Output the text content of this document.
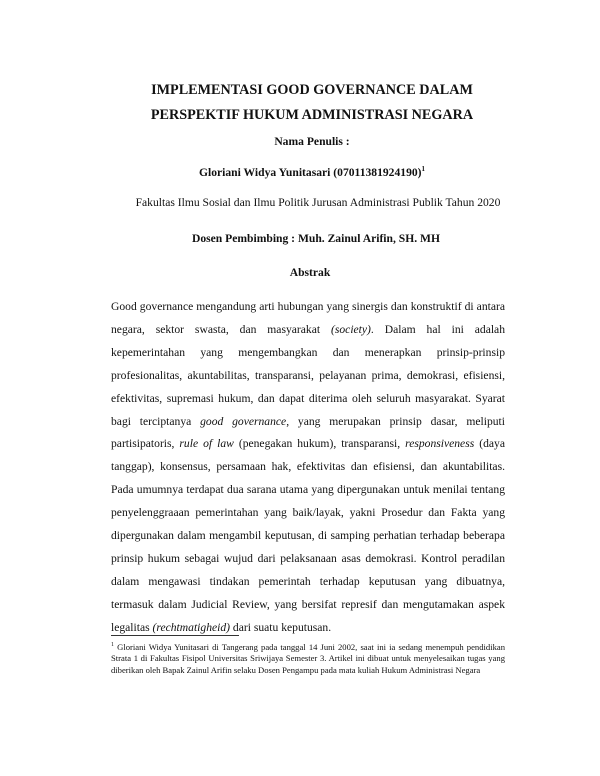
IMPLEMENTASI GOOD GOVERNANCE DALAM
PERSPEKTIF HUKUM ADMINISTRASI NEGARA
Nama Penulis :
Gloriani Widya Yunitasari $(07011381924190)^1$
Fakultas Ilmu Sosial dan Ilmu Politik Jurusan Administrasi Publik Tahun 2020
Dosen Pembimbing : Muh. Zainul Arifin, SH. MH
Abstrak

Good governance mengandung arti hubungan yang sinergis dan konstruktif di antara negara, sektor swasta, dan masyarakat (society). Dalam hal ini adalah kepemerintahan yang mengembangkan dan menerapkan prinsip-prinsip profesionalitas, akuntabilitas, transparansi, pelayanan prima, demokrasi, efisiensi, efektivitas, supremasi hukum, dan dapat diterima oleh seluruh masyarakat. Syarat bagi terciptanya good governance, yang merupakan prinsip dasar, meliputi partisipatoris, rule of law (penegakan hukum), transparansi, responsiveness (daya tanggap), konsensus, persamaan hak, efektivitas dan efisiensi, dan akuntabilitas. Pada umumnya terdapat dua sarana utama yang dipergunakan untuk menilai tentang penyelenggraaan pemerintahan yang baik/layak, yakni Prosedur dan Fakta yang dipergunakan dalam mengambil keputusan, di samping perhatian terhadap beberapa prinsip hukum sebagai wujud dari pelaksanaan asas demokrasi. Kontrol peradilan dalam mengawasi tindakan pemerintah terhadap keputusan yang dibuatnya, termasuk dalam Judicial Review, yang bersifat represif dan mengutamakan aspek legalitas (rechtmatigheid) dari suatu keputusan.

$^1$ Gloriani Widya Yunitasari di Tangerang pada tanggal 14 Juni 2002, saat ini ia sedang menempuh pendidikan Strata 1 di Fakultas Fisipol Universitas Sriwijaya Semester 3. Artikel ini dibuat untuk menyelesaikan tugas yang diberikan oleh Bapak Zainul Arifin selaku Dosen Pengampu pada mata kuliah Hukum Administrasi Negara
